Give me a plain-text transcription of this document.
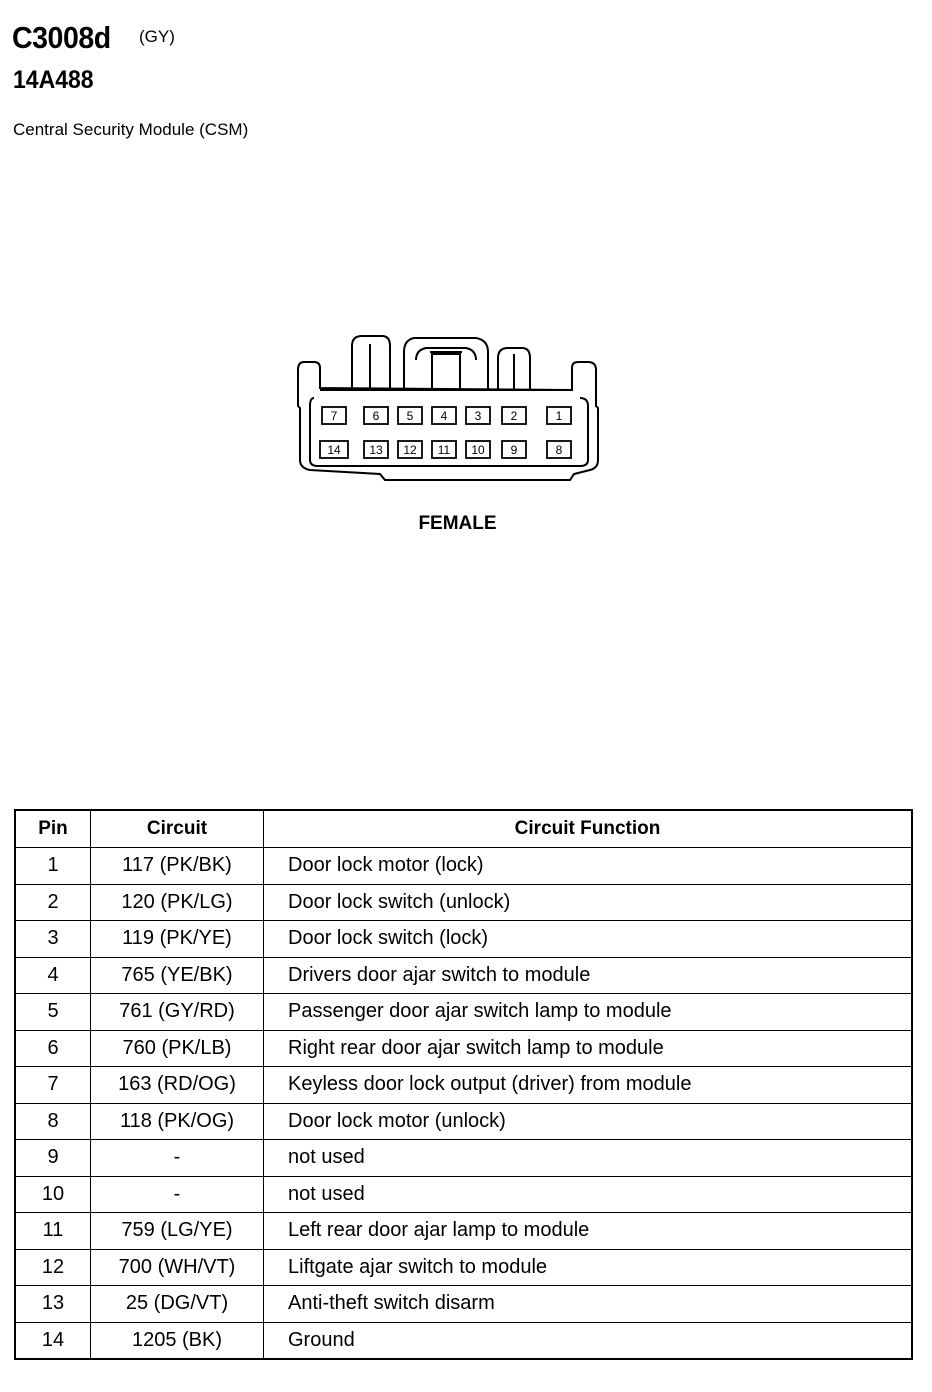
C3008d (GY)
14A488
Central Security Module (CSM)
7	6 5 4 3 2	1
14 13 12 11 10 9	8
FEMALE
Pin	Circuit	Circuit Function
1	117 (PK/BK)	Door lock motor (lock)
2	120 (PK/LG)	Door lock switch (unlock)
3	119 (PK/YE)	Door lock switch (lock)
4	765 (YE/BK)	Drivers door ajar switch to module
5	761 (GY/RD)	Passenger door ajar switch lamp to module
6	760 (PK/LB)	Right rear door ajar switch lamp to module
7	163 (RD/OG)	Keyless door lock output (driver) from module
8	118 (PK/OG)	Door lock motor (unlock)
9	-	not used
10	-	not used
11	759 (LG/YE)	Left rear door ajar lamp to module
12	700 (WH/VT)	Liftgate ajar switch to module
13	25 (DG/VT)	Anti-theft switch disarm
14	1205 (BK)	Ground
